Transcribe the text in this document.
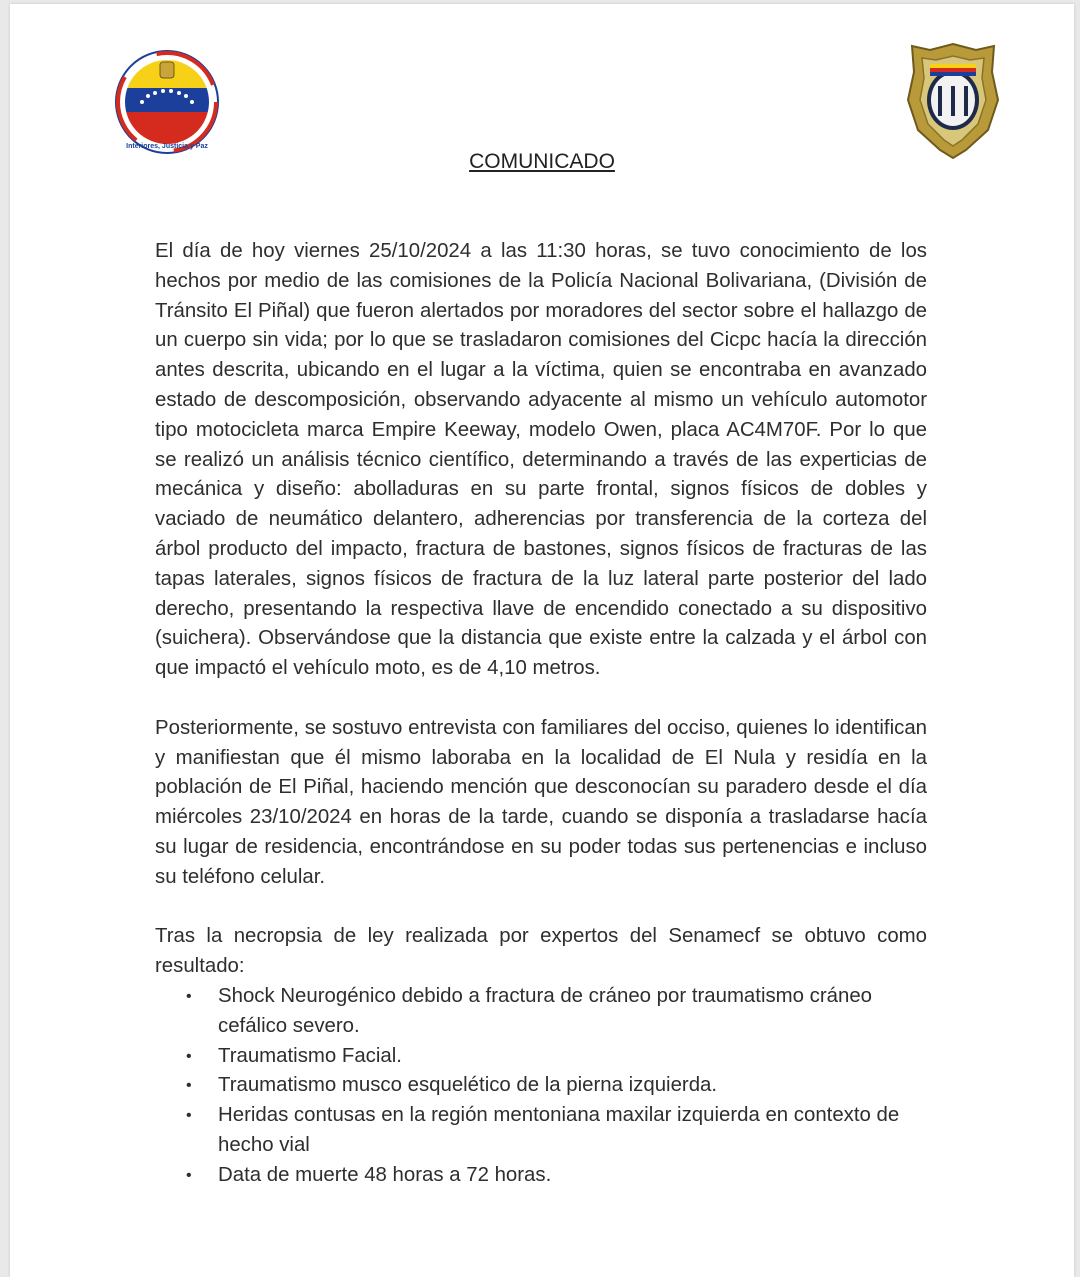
Interiores, Justicia y Paz
COMUNICADO

El día de hoy viernes 25/10/2024 a las 11:30 horas, se tuvo conocimiento de los hechos por medio de las comisiones de la Policía Nacional Bolivariana, (División de Tránsito El Piñal) que fueron alertados por moradores del sector sobre el hallazgo de un cuerpo sin vida; por lo que se trasladaron comisiones del Cicpc hacía la dirección antes descrita, ubicando en el lugar a la víctima, quien se encontraba en avanzado estado de descomposición, observando adyacente al mismo un vehículo automotor tipo motocicleta marca Empire Keeway, modelo Owen, placa AC4M70F. Por lo que se realizó un análisis técnico científico, determinando a través de las experticias de mecánica y diseño: abolladuras en su parte frontal, signos físicos de dobles y vaciado de neumático delantero, adherencias por transferencia de la corteza del árbol producto del impacto, fractura de bastones, signos físicos de fracturas de las tapas laterales, signos físicos de fractura de la luz lateral parte posterior del lado derecho, presentando la respectiva llave de encendido conectado a su dispositivo (suichera). Observándose que la distancia que existe entre la calzada y el árbol con que impactó el vehículo moto, es de 4,10 metros.

Posteriormente, se sostuvo entrevista con familiares del occiso, quienes lo identifican y manifiestan que él mismo laboraba en la localidad de El Nula y residía en la población de El Piñal, haciendo mención que desconocían su paradero desde el día miércoles 23/10/2024 en horas de la tarde, cuando se disponía a trasladarse hacía su lugar de residencia, encontrándose en su poder todas sus pertenencias e incluso su teléfono celular.

Tras la necropsia de ley realizada por expertos del Senamecf se obtuvo como resultado:

• Shock Neurogénico debido a fractura de cráneo por traumatismo cráneo cefálico severo.
• Traumatismo Facial.
• Traumatismo musco esquelético de la pierna izquierda.
• Heridas contusas en la región mentoniana maxilar izquierda en contexto de hecho vial
• Data de muerte 48 horas a 72 horas.
